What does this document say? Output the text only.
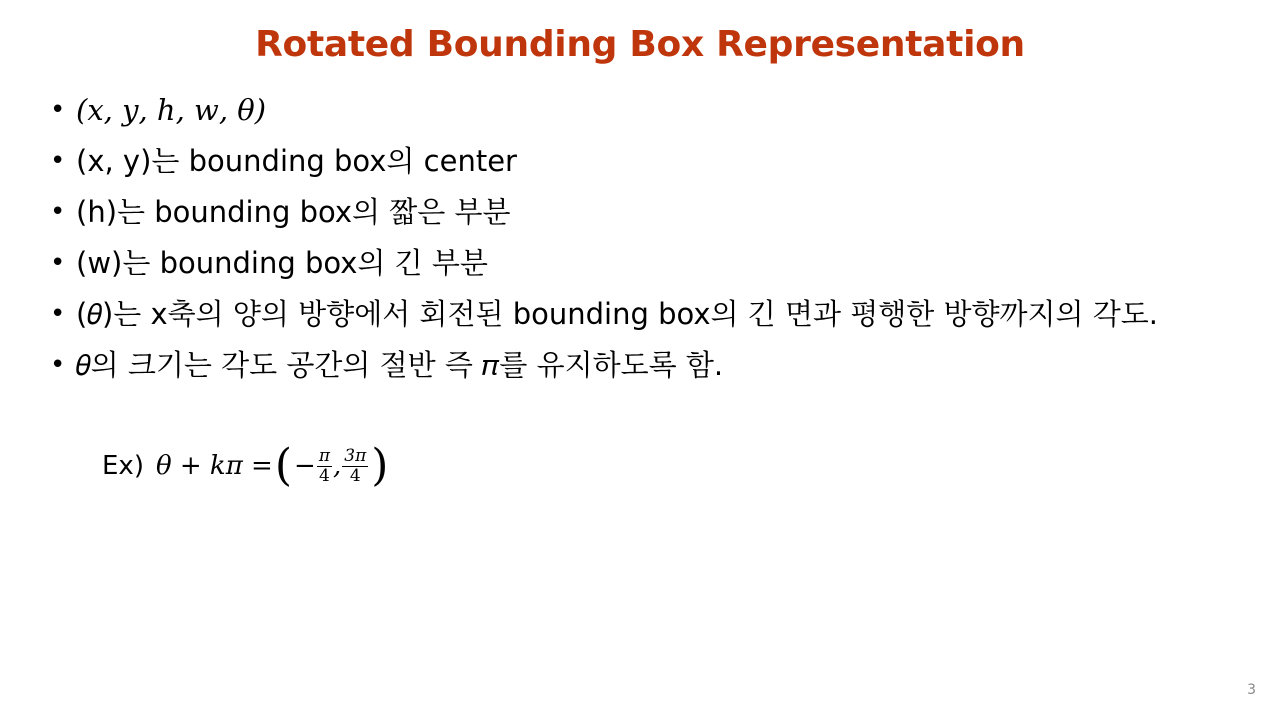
Rotated Bounding Box Representation
• (𝑥, 𝑦, ℎ, 𝑤, 𝜃)
• (x, y)는 bounding box의 center
• (h)는 bounding box의 짧은 부분
• (w)는 bounding box의 긴 부분
• (𝜃)는 x축의 양의 방향에서 회전된 bounding box의 긴 면과 평행한 방향까지의 각도.
• 𝜃의 크기는 각도 공간의 절반 즉 𝜋를 유지하도록 함.
Ex) 𝜃 + 𝑘𝜋 = ( − $\frac{\text{𝜋}}{4}$ , $\frac{\text{3𝜋}}{4}$ )
3
